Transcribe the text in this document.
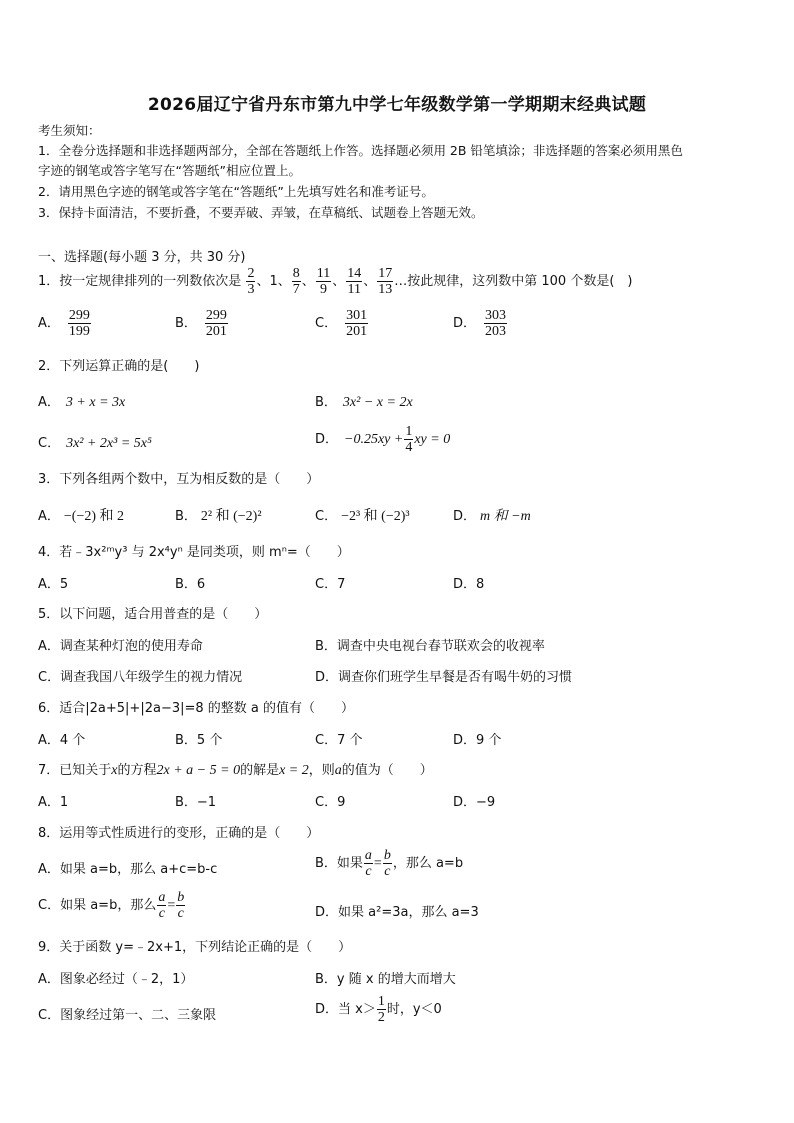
2026届辽宁省丹东市第九中学七年级数学第一学期期末经典试题
考生须知：
1．全卷分选择题和非选择题两部分，全部在答题纸上作答。选择题必须用 2B 铅笔填涂；非选择题的答案必须用黑色
字迹的钢笔或答字笔写在“答题纸”相应位置上。
2．请用黑色字迹的钢笔或答字笔在“答题纸”上先填写姓名和准考证号。
3．保持卡面清洁，不要折叠，不要弄破、弄皱，在草稿纸、试题卷上答题无效。
一、选择题(每小题 3 分，共 30 分)
1．按一定规律排列的一列数依次是 $\frac{2}{3}$ 、1、 $\frac{8}{7}$ 、 $\frac{11}{9}$ 、 $\frac{14}{11}$ 、 $\frac{17}{13}$ …按此规律，这列数中第 100 个数是(　)
A． $\frac{299}{199}$	B． $\frac{299}{201}$	C． $\frac{301}{201}$	D． $\frac{303}{203}$
2．下列运算正确的是(　　)
A． 3 + x = 3x	B． 3x² − x = 2x
C． 3x² + 2x³ = 5x⁵	D． $-0.25xy + \frac{1}{4}$ xy = 0
3．下列各组两个数中，互为相反数的是（　　）
A． −(−2) 和 2	B． 2² 和 (−2)²	C． −2³ 和 (−2)³	D． m 和 −m
4．若﹣3x²ᵐy³ 与 2x⁴yⁿ 是同类项，则 mⁿ=（　　）
A．5	B．6	C．7	D．8
5．以下问题，适合用普查的是（　　）
A．调查某种灯泡的使用寿命	B．调查中央电视台春节联欢会的收视率
C．调查我国八年级学生的视力情况	D．调查你们班学生早餐是否有喝牛奶的习惯
6．适合|2a+5|+|2a−3|=8 的整数 a 的值有（　　）
A．4 个	B．5 个	C．7 个	D．9 个
7．已知关于x的方程2x + a − 5 = 0的解是x = 2，则a的值为（　　）
A．1	B．−1	C．9	D．−9
8．运用等式性质进行的变形，正确的是（　　）
A．如果 a=b，那么 a+c=b-c	B．如果 $\frac{a}{c} = \frac{b}{c}$ ，那么 a=b
C．如果 a=b，那么 $\frac{a}{c} = \frac{b}{c}$	D．如果 a²=3a，那么 a=3
9．关于函数 y=﹣2x+1，下列结论正确的是（　　）
A．图象必经过（﹣2，1）	B．y 随 x 的增大而增大
C．图象经过第一、二、三象限	D．当 $x> \frac{1}{2}$ 时，y＜0
